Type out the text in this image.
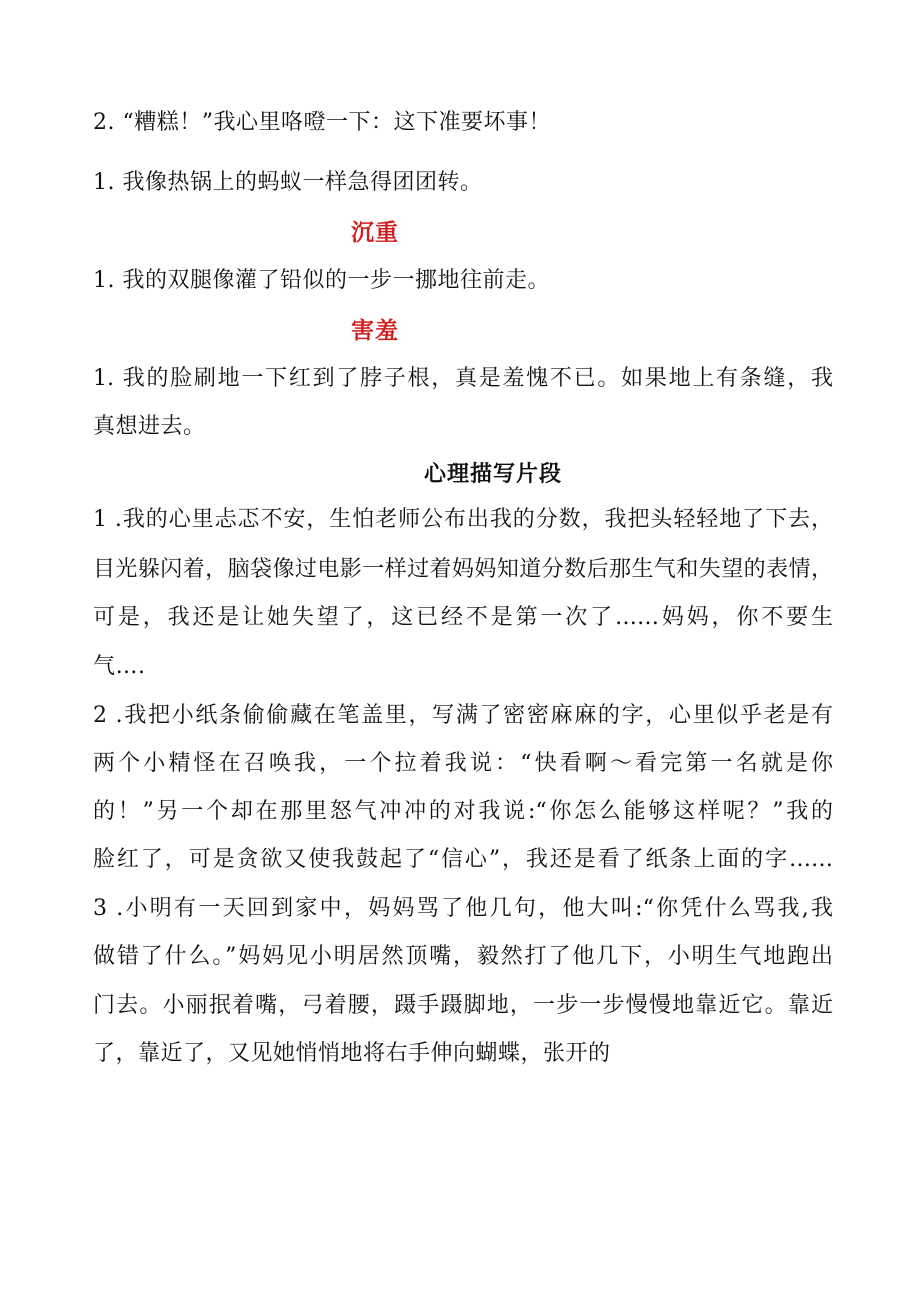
2. “糟糕！”我心里咯噔一下：这下准要坏事！
1. 我像热锅上的蚂蚁一样急得团团转。
沉重
1. 我的双腿像灌了铅似的一步一挪地往前走。
害羞
1. 我的脸刷地一下红到了脖子根，真是羞愧不已。如果地上有条缝，我
真想进去。
心理描写片段
1 .我的心里忐忑不安，生怕老师公布出我的分数，我把头轻轻地了下去，
目光躲闪着，脑袋像过电影一样过着妈妈知道分数后那生气和失望的表情，
可是，我还是让她失望了，这已经不是第一次了……妈妈，你不要生
气….
2 .我把小纸条偷偷藏在笔盖里，写满了密密麻麻的字，心里似乎老是有
两个小精怪在召唤我，一个拉着我说：“快看啊～看完第一名就是你
的！”另一个却在那里怒气冲冲的对我说:“你怎么能够这样呢？”我的
脸红了，可是贪欲又使我鼓起了“信心”，我还是看了纸条上面的字……
3 .小明有一天回到家中，妈妈骂了他几句，他大叫:“你凭什么骂我,我
做错了什么。”妈妈见小明居然顶嘴，毅然打了他几下，小明生气地跑出
门去。小丽抿着嘴，弓着腰，蹑手蹑脚地，一步一步慢慢地靠近它。靠近
了，靠近了，又见她悄悄地将右手伸向蝴蝶，张开的
